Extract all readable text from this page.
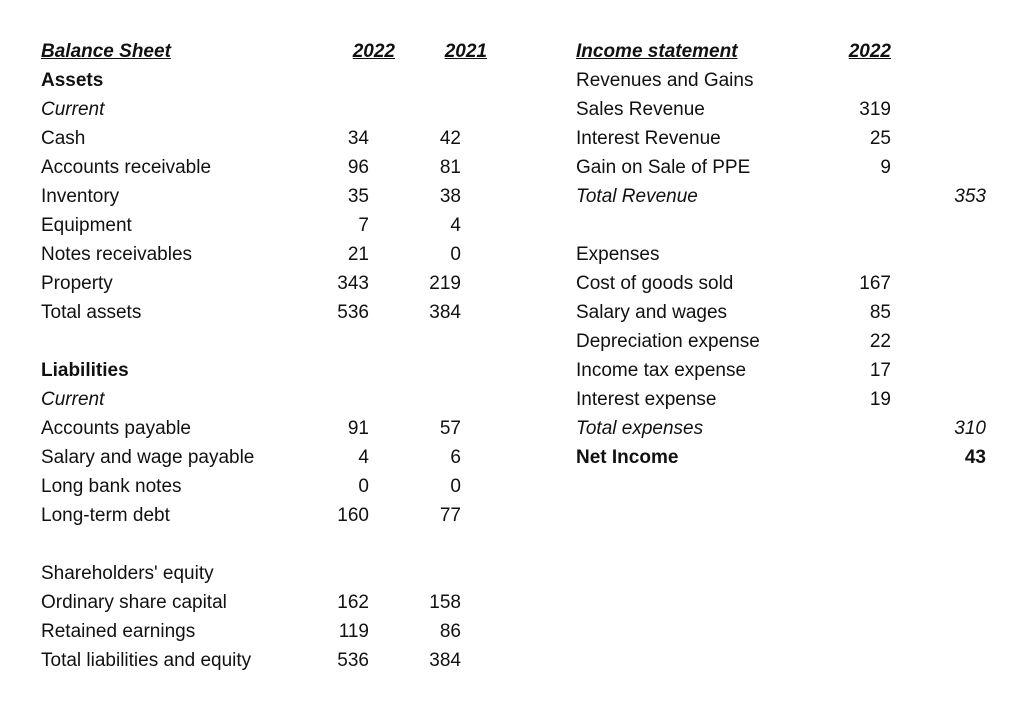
Balance Sheet	2022	2021
Assets
Current
Cash	34	42
Accounts receivable	96	81
Inventory	35	38
Equipment	7	4
Notes receivables	21	0
Property	343	219
Total assets	536	384
Liabilities
Current
Accounts payable	91	57
Salary and wage payable	4	6
Long bank notes	0	0
Long-term debt	160	77
Shareholders' equity
Ordinary share capital	162	158
Retained earnings	119	86
Total liabilities and equity	536	384
Income statement	2022
Revenues and Gains
Sales Revenue	319
Interest Revenue	25
Gain on Sale of PPE	9
Total Revenue	353
Expenses
Cost of goods sold	167
Salary and wages	85
Depreciation expense	22
Income tax expense	17
Interest expense	19
Total expenses	310
Net Income	43
